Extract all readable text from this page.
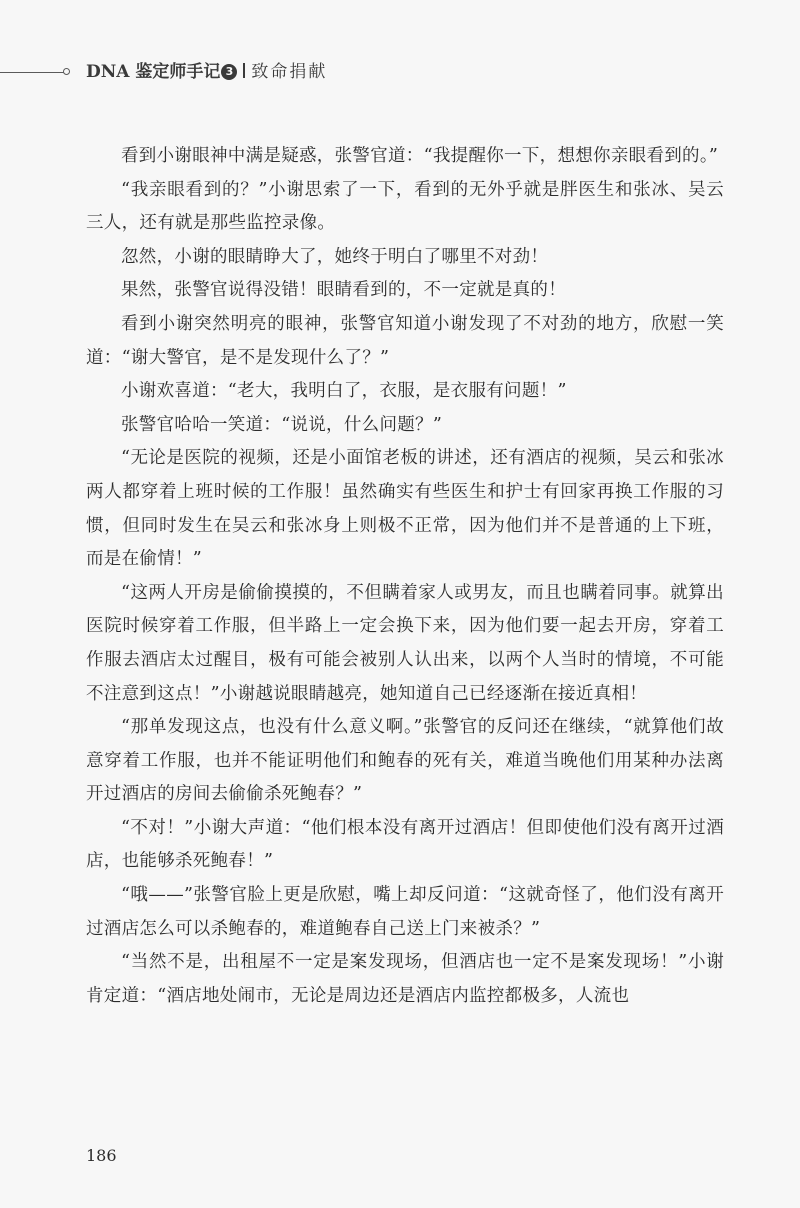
DNA 鉴定师手记 3 致命捐献

看到小谢眼神中满是疑惑，张警官道：“我提醒你一下，想想你亲眼看到的。”

“我亲眼看到的？”小谢思索了一下，看到的无外乎就是胖医生和张冰、吴云三人，还有就是那些监控录像。

忽然，小谢的眼睛睁大了，她终于明白了哪里不对劲！

果然，张警官说得没错！眼睛看到的，不一定就是真的！

看到小谢突然明亮的眼神，张警官知道小谢发现了不对劲的地方，欣慰一笑道：“谢大警官，是不是发现什么了？”

小谢欢喜道：“老大，我明白了，衣服，是衣服有问题！”

张警官哈哈一笑道：“说说，什么问题？”

“无论是医院的视频，还是小面馆老板的讲述，还有酒店的视频，吴云和张冰两人都穿着上班时候的工作服！虽然确实有些医生和护士有回家再换工作服的习惯，但同时发生在吴云和张冰身上则极不正常，因为他们并不是普通的上下班，而是在偷情！”

“这两人开房是偷偷摸摸的，不但瞒着家人或男友，而且也瞒着同事。就算出医院时候穿着工作服，但半路上一定会换下来，因为他们要一起去开房，穿着工作服去酒店太过醒目，极有可能会被别人认出来，以两个人当时的情境，不可能不注意到这点！”小谢越说眼睛越亮，她知道自己已经逐渐在接近真相！

“那单发现这点，也没有什么意义啊。”张警官的反问还在继续，“就算他们故意穿着工作服，也并不能证明他们和鲍春的死有关，难道当晚他们用某种办法离开过酒店的房间去偷偷杀死鲍春？”

“不对！”小谢大声道：“他们根本没有离开过酒店！但即使他们没有离开过酒店，也能够杀死鲍春！”

“哦——”张警官脸上更是欣慰，嘴上却反问道：“这就奇怪了，他们没有离开过酒店怎么可以杀鲍春的，难道鲍春自己送上门来被杀？”

“当然不是，出租屋不一定是案发现场，但酒店也一定不是案发现场！”小谢肯定道：“酒店地处闹市，无论是周边还是酒店内监控都极多，人流也

186
